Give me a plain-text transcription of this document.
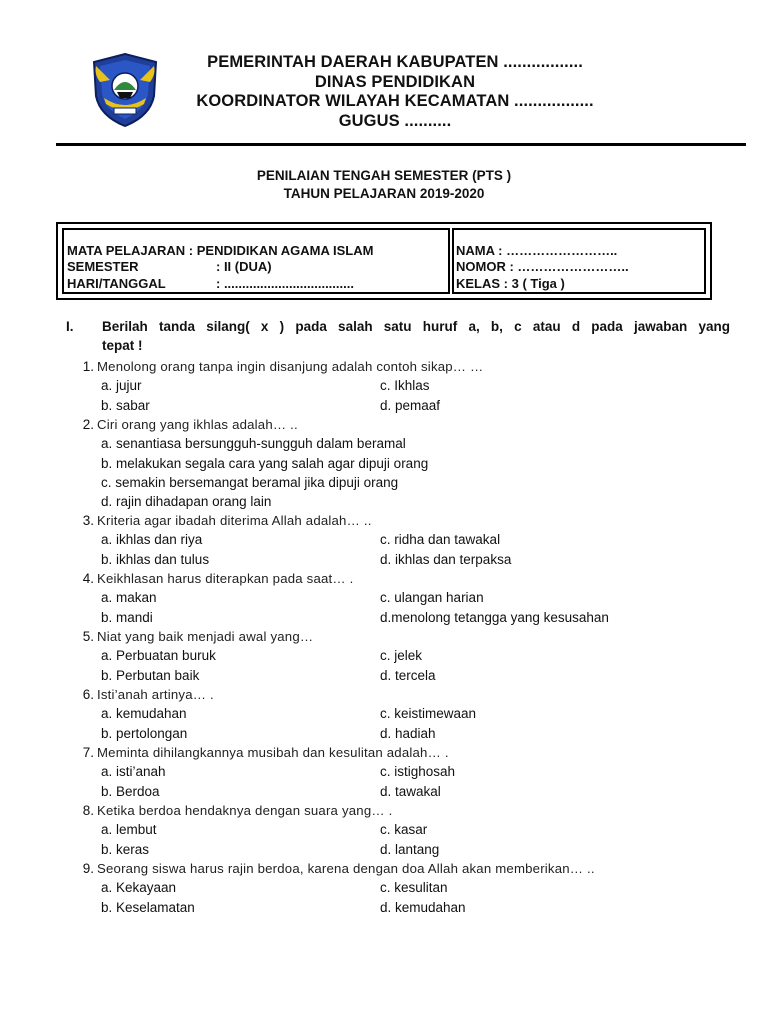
PEMERINTAH DAERAH KABUPATEN .................
DINAS PENDIDIKAN
KOORDINATOR WILAYAH KECAMATAN .................
GUGUS ..........
PENILAIAN TENGAH SEMESTER (PTS )
TAHUN PELAJARAN 2019-2020
MATA PELAJARAN : PENDIDIKAN AGAMA ISLAM
SEMESTER	: II (DUA)
HARI/TANGGAL	: ....................................
NAMA : ……………………..
NOMOR : ……………………..
KELAS : 3 ( Tiga )
I. Berilah tanda silang( x ) pada salah satu huruf a, b, c atau d pada jawaban yang
tepat !
1. Menolong orang tanpa ingin disanjung adalah contoh sikap… …
a. jujur	c. Ikhlas
b. sabar	d. pemaaf
2. Ciri orang yang ikhlas adalah… ..
a. senantiasa bersungguh-sungguh dalam beramal
b. melakukan segala cara yang salah agar dipuji orang
c. semakin bersemangat beramal jika dipuji orang
d. rajin dihadapan orang lain
3. Kriteria agar ibadah diterima Allah adalah… ..
a. ikhlas dan riya	c. ridha dan tawakal
b. ikhlas dan tulus	d. ikhlas dan terpaksa
4. Keikhlasan harus diterapkan pada saat… .
a. makan	c. ulangan harian
b. mandi	d.menolong tetangga yang kesusahan
5. Niat yang baik menjadi awal yang…
a. Perbuatan buruk	c. jelek
b. Perbutan baik	d. tercela
6. Isti’anah artinya… .
a. kemudahan	c. keistimewaan
b. pertolongan	d. hadiah
7. Meminta dihilangkannya musibah dan kesulitan adalah… .
a. isti’anah	c. istighosah
b. Berdoa	d. tawakal
8. Ketika berdoa hendaknya dengan suara yang… .
a. lembut	c. kasar
b. keras	d. lantang
9. Seorang siswa harus rajin berdoa, karena dengan doa Allah akan memberikan… ..
a. Kekayaan	c. kesulitan
b. Keselamatan	d. kemudahan
